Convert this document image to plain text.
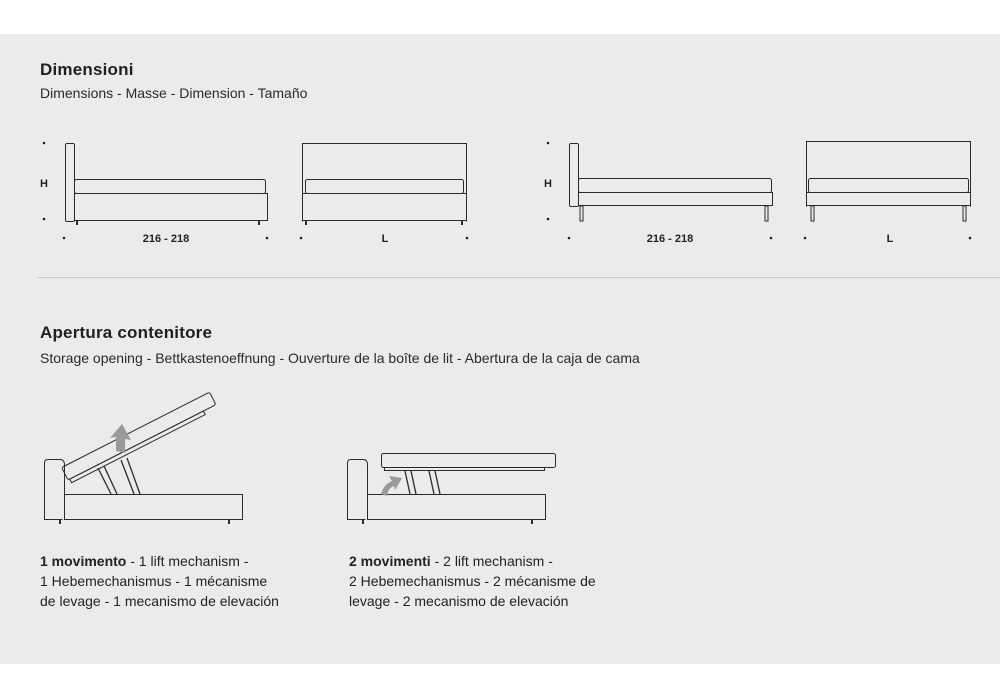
Dimensioni
Dimensions - Masse - Dimension - Tamaño
Apertura contenitore
Storage opening - Bettkastenoeffnung - Ouverture de la boîte de lit - Abertura de la caja de cama
H
216 - 218	L
H
216 - 218	L
1 movimento - 1 lift mechanism -
1 Hebemechanismus - 1 mécanisme
de levage - 1 mecanismo de elevación
2 movimenti - 2 lift mechanism -
2 Hebemechanismus - 2 mécanisme de
levage - 2 mecanismo de elevación
